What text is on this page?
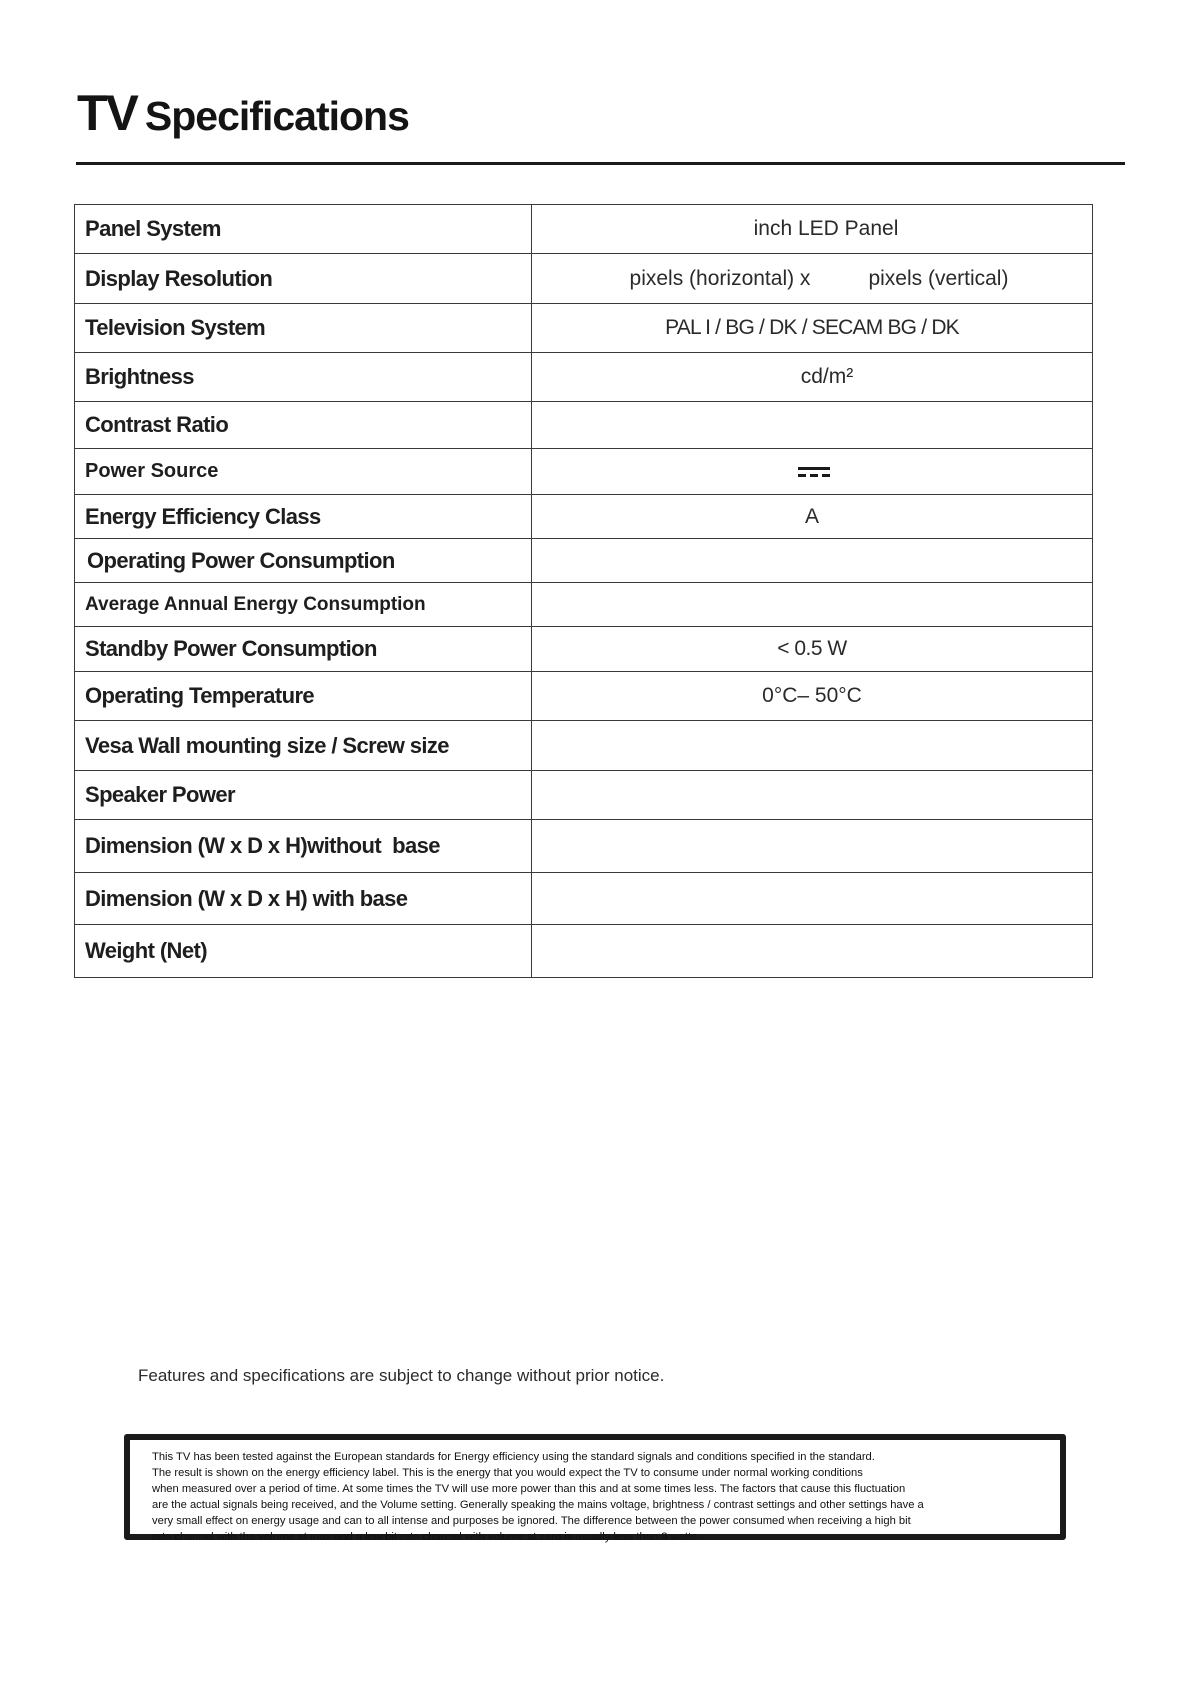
TV Specifications
Panel System	inch LED Panel
Display Resolution	pixels (horizontal) x pixels (vertical)
Television System	PAL I / BG / DK / SECAM BG / DK
Brightness	cd/m²
Contrast Ratio	
Power Source	

Energy Efficiency Class	A
Operating Power Consumption	
Average Annual Energy Consumption	
Standby Power Consumption	< 0.5 W
Operating Temperature	0°C– 50°C
Vesa Wall mounting size / Screw size	
Speaker Power	
Dimension (W x D x H)without  base	
Dimension (W x D x H) with base	
Weight (Net)	

Features and specifications are subject to change without prior notice.

This TV has been tested against the European standards for Energy efficiency using the standard signals and conditions specified in the standard.
The result is shown on the energy efficiency label. This is the energy that you would expect the TV to consume under normal working conditions
when measured over a period of time. At some times the TV will use more power than this and at some times less. The factors that cause this fluctuation
are the actual signals being received, and the Volume setting. Generally speaking the mains voltage, brightness / contrast settings and other settings have a
very small effect on energy usage and can to all intense and purposes be ignored. The difference between the power consumed when receiving a high bit
rate channel with the volume at max and a low bit rate channel with volume at zero is usually less than 3 watts.
